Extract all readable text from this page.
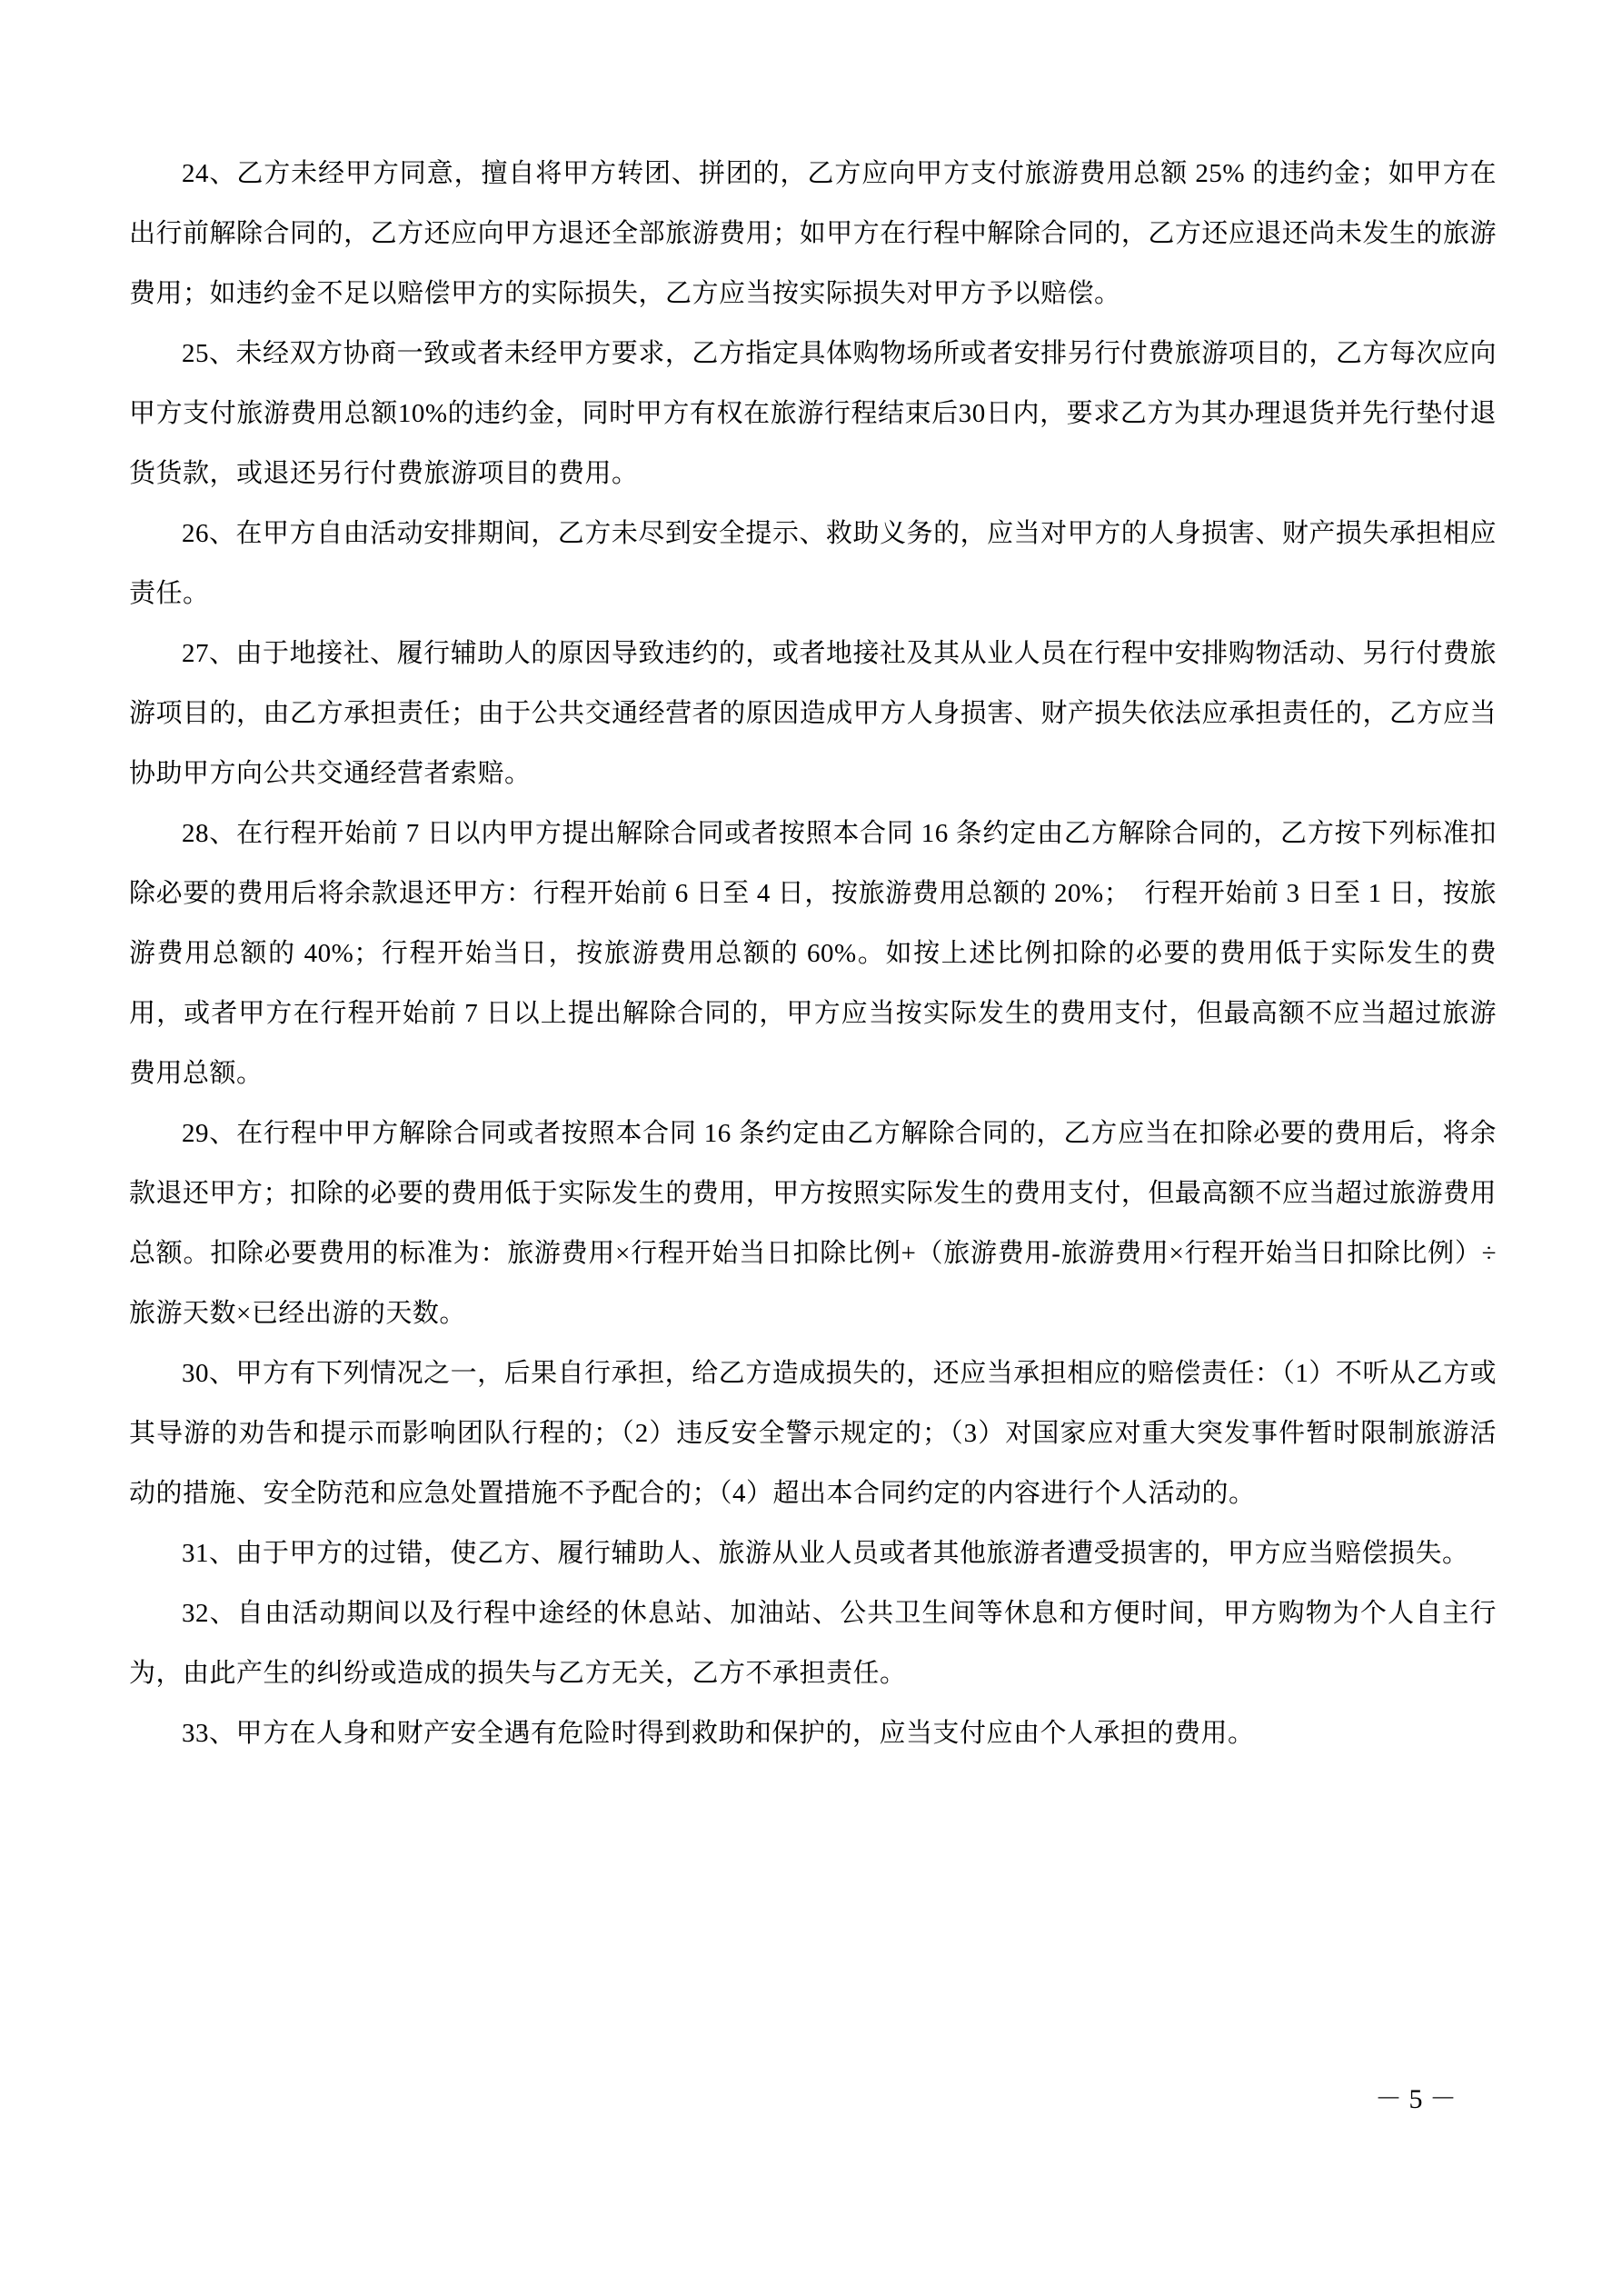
24、乙方未经甲方同意，擅自将甲方转团、拼团的，乙方应向甲方支付旅游费用总额 25% 的违约金；如甲方在出行前解除合同的，乙方还应向甲方退还全部旅游费用；如甲方在行程中解除合同的，乙方还应退还尚未发生的旅游费用；如违约金不足以赔偿甲方的实际损失，乙方应当按实际损失对甲方予以赔偿。

25、未经双方协商一致或者未经甲方要求，乙方指定具体购物场所或者安排另行付费旅游项目的，乙方每次应向甲方支付旅游费用总额10%的违约金，同时甲方有权在旅游行程结束后30日内，要求乙方为其办理退货并先行垫付退货货款，或退还另行付费旅游项目的费用。

26、在甲方自由活动安排期间，乙方未尽到安全提示、救助义务的，应当对甲方的人身损害、财产损失承担相应责任。

27、由于地接社、履行辅助人的原因导致违约的，或者地接社及其从业人员在行程中安排购物活动、另行付费旅游项目的，由乙方承担责任；由于公共交通经营者的原因造成甲方人身损害、财产损失依法应承担责任的，乙方应当协助甲方向公共交通经营者索赔。

28、在行程开始前 7 日以内甲方提出解除合同或者按照本合同 16 条约定由乙方解除合同的，乙方按下列标准扣除必要的费用后将余款退还甲方：行程开始前 6 日至 4 日，按旅游费用总额的 20%；　行程开始前 3 日至 1 日，按旅游费用总额的 40%；行程开始当日，按旅游费用总额的 60%。如按上述比例扣除的必要的费用低于实际发生的费用，或者甲方在行程开始前 7 日以上提出解除合同的，甲方应当按实际发生的费用支付，但最高额不应当超过旅游费用总额。

29、在行程中甲方解除合同或者按照本合同 16 条约定由乙方解除合同的，乙方应当在扣除必要的费用后，将余款退还甲方；扣除的必要的费用低于实际发生的费用，甲方按照实际发生的费用支付，但最高额不应当超过旅游费用总额。扣除必要费用的标准为：旅游费用×行程开始当日扣除比例+（旅游费用-旅游费用×行程开始当日扣除比例）÷旅游天数×已经出游的天数。

30、甲方有下列情况之一，后果自行承担，给乙方造成损失的，还应当承担相应的赔偿责任：（1）不听从乙方或其导游的劝告和提示而影响团队行程的；（2）违反安全警示规定的；（3）对国家应对重大突发事件暂时限制旅游活动的措施、安全防范和应急处置措施不予配合的；（4）超出本合同约定的内容进行个人活动的。

31、由于甲方的过错，使乙方、履行辅助人、旅游从业人员或者其他旅游者遭受损害的，甲方应当赔偿损失。

32、自由活动期间以及行程中途经的休息站、加油站、公共卫生间等休息和方便时间，甲方购物为个人自主行为，由此产生的纠纷或造成的损失与乙方无关，乙方不承担责任。

33、甲方在人身和财产安全遇有危险时得到救助和保护的，应当支付应由个人承担的费用。

－ 5 －
